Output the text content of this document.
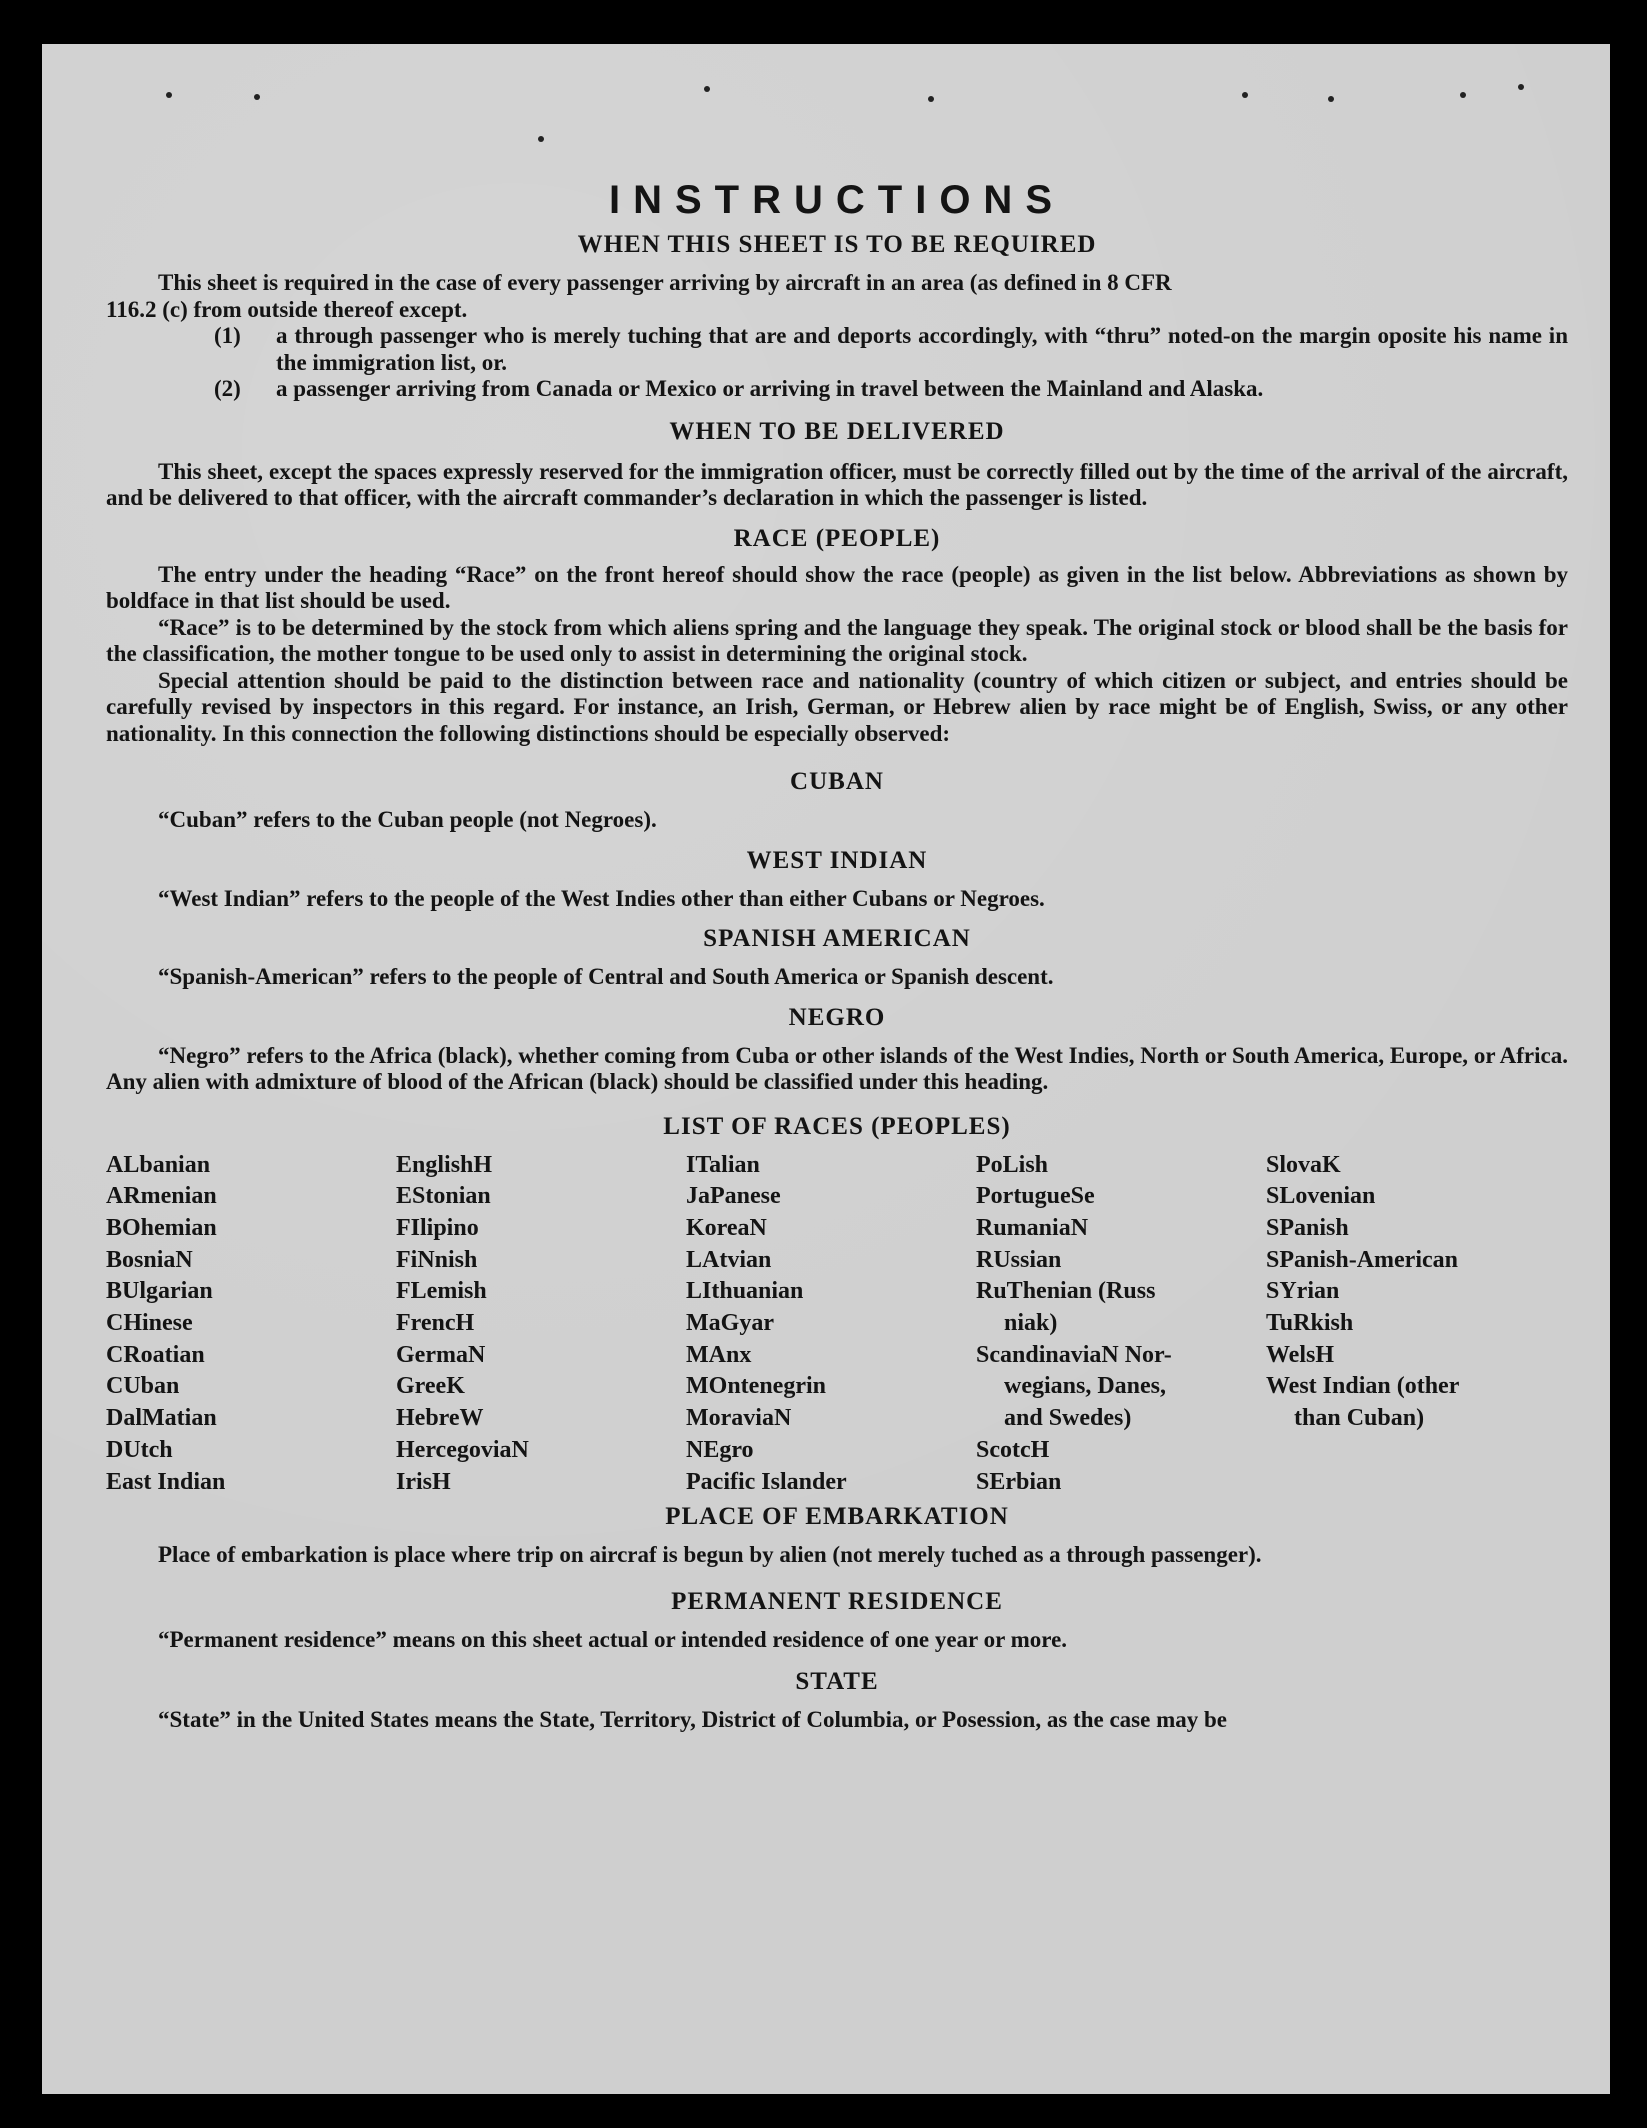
INSTRUCTIONS

WHEN THIS SHEET IS TO BE REQUIRED

This sheet is required in the case of every passenger arriving by aircraft in an area (as defined in 8 CFR

116.2 (c) from outside thereof except.

(1)	a through passenger who is merely tuching that are and deports accordingly, with “thru” noted-on the margin oposite his name in the immigration list, or.
(2)	a passenger arriving from Canada or Mexico or arriving in travel between the Mainland and Alaska.

WHEN TO BE DELIVERED

This sheet, except the spaces expressly reserved for the immigration officer, must be correctly filled out by the time of the arrival of the aircraft, and be delivered to that officer, with the aircraft commander’s declaration in which the passenger is listed.

RACE (PEOPLE)

The entry under the heading “Race” on the front hereof should show the race (people) as given in the list below. Abbreviations as shown by boldface in that list should be used.

“Race” is to be determined by the stock from which aliens spring and the language they speak. The original stock or blood shall be the basis for the classification, the mother tongue to be used only to assist in determining the original stock.

Special attention should be paid to the distinction between race and nationality (country of which citizen or subject, and entries should be carefully revised by inspectors in this regard. For instance, an Irish, German, or Hebrew alien by race might be of English, Swiss, or any other nationality. In this connection the following distinctions should be especially observed:

CUBAN

“Cuban” refers to the Cuban people (not Negroes).

WEST INDIAN

“West Indian” refers to the people of the West Indies other than either Cubans or Negroes.

SPANISH AMERICAN

“Spanish-American” refers to the people of Central and South America or Spanish descent.

NEGRO

“Negro” refers to the Africa (black), whether coming from Cuba or other islands of the West Indies, North or South America, Europe, or Africa. Any alien with admixture of blood of the African (black) should be classified under this heading.

LIST OF RACES (PEOPLES)

ALbanian
ARmenian
BOhemian
BosniaN
BUlgarian
CHinese
CRoatian
CUban
DalMatian
DUtch
East Indian
EnglishH
EStonian
FIlipino
FiNnish
FLemish
FrencH
GermaN
GreeK
HebreW
HercegoviaN
IrisH
ITalian
JaPanese
KoreaN
LAtvian
LIthuanian
MaGyar
MAnx
MOntenegrin
MoraviaN
NEgro
Pacific Islander
PoLish
PortugueSe
RumaniaN
RUssian
RuThenian (Russ
niak)
ScandinaviaN Nor-
wegians, Danes,
and Swedes)
ScotcH
SErbian
SlovaK
SLovenian
SPanish
SPanish-American
SYrian
TuRkish
WelsH
West Indian (other
than Cuban)

PLACE OF EMBARKATION

Place of embarkation is place where trip on aircraf is begun by alien (not merely tuched as a through passenger).

PERMANENT RESIDENCE

“Permanent residence” means on this sheet actual or intended residence of one year or more.

STATE

“State” in the United States means the State, Territory, District of Columbia, or Posession, as the case may be
